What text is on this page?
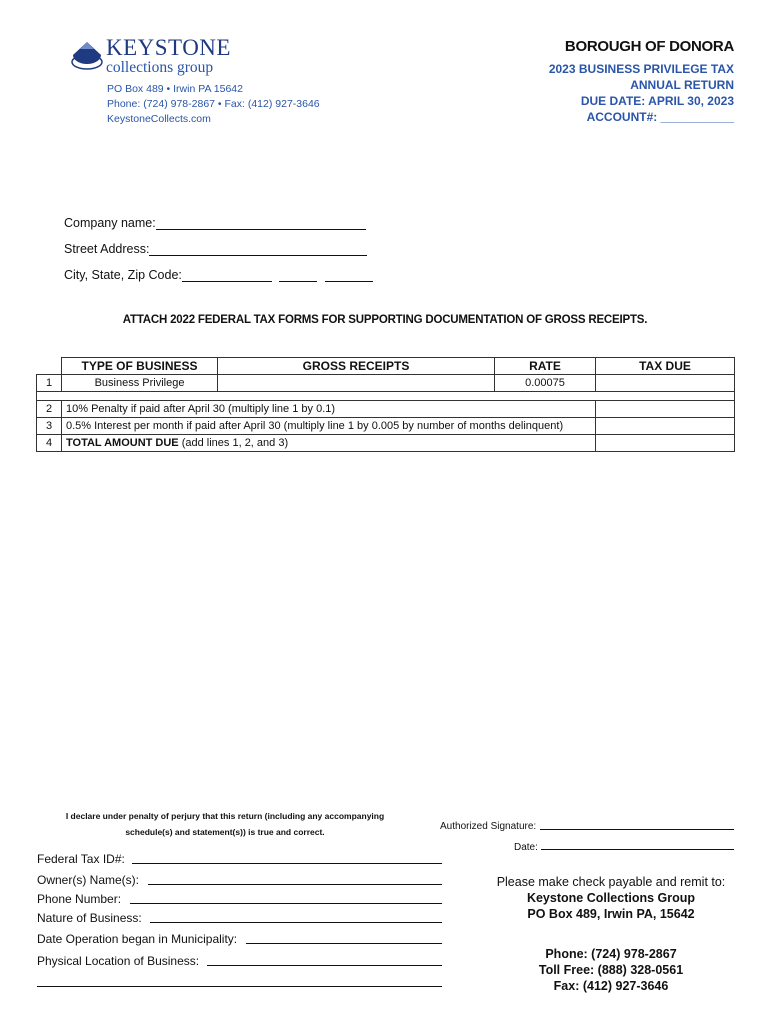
KEYSTONE
collections group
PO Box 489 • Irwin PA 15642
Phone: (724) 978-2867 • Fax: (412) 927-3646
KeystoneCollects.com
BOROUGH OF DONORA
2023 BUSINESS PRIVILEGE TAX
ANNUAL RETURN
DUE DATE: APRIL 30, 2023
ACCOUNT#: ___________
Company name:
Street Address:
City, State, Zip Code:
ATTACH 2022 FEDERAL TAX FORMS FOR SUPPORTING DOCUMENTATION OF GROSS RECEIPTS.
	TYPE OF BUSINESS	GROSS RECEIPTS	RATE	TAX DUE
1	Business Privilege		0.00075	

2	10% Penalty if paid after April 30 (multiply line 1 by 0.1)			
3	0.5% Interest per month if paid after April 30 (multiply line 1 by 0.005 by number of months delinquent)			
4	TOTAL AMOUNT DUE (add lines 1, 2, and 3)			
I declare under penalty of perjury that this return (including any accompanying
schedule(s) and statement(s)) is true and correct.	Authorized Signature:
Date:
Federal Tax ID#:
Owner(s) Name(s):
Phone Number:
Nature of Business:
Date Operation began in Municipality:
Physical Location of Business:
Please make check payable and remit to:
Keystone Collections Group
PO Box 489, Irwin PA, 15642
Phone: (724) 978-2867
Toll Free: (888) 328-0561
Fax: (412) 927-3646
